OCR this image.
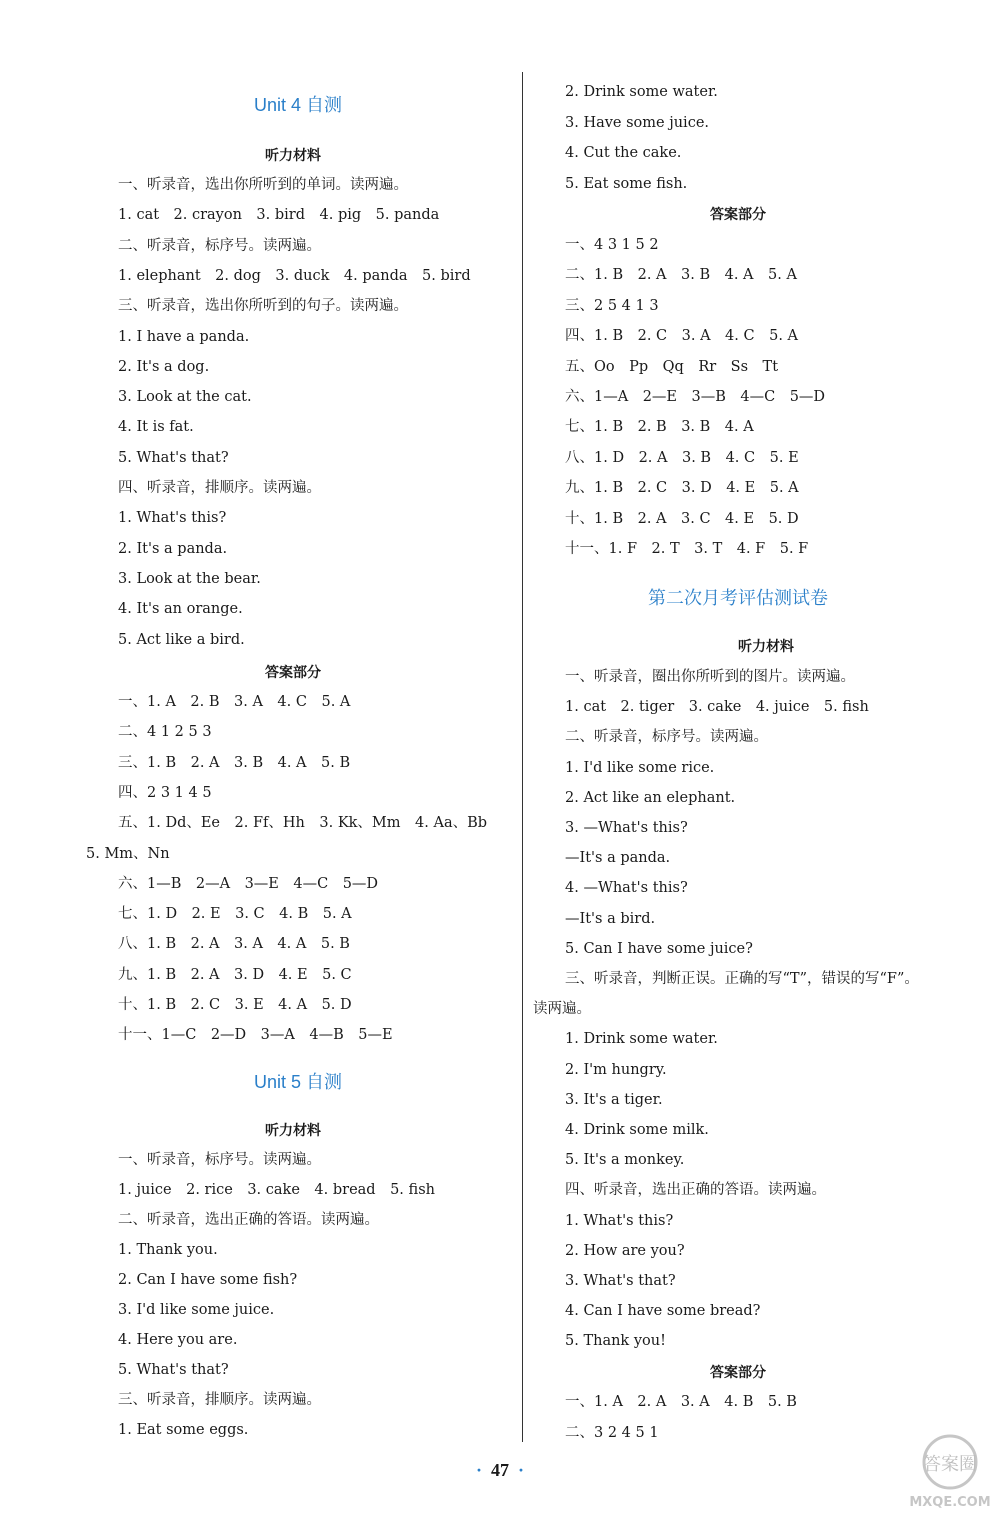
Unit 4 自测
听力材料
一、听录音，选出你所听到的单词。读两遍。
1. cat　2. crayon　3. bird　4. pig　5. panda
二、听录音，标序号。读两遍。
1. elephant　2. dog　3. duck　4. panda　5. bird
三、听录音，选出你所听到的句子。读两遍。
1. I have a panda.
2. It's a dog.
3. Look at the cat.
4. It is fat.
5. What's that?
四、听录音，排顺序。读两遍。
1. What's this?
2. It's a panda.
3. Look at the bear.
4. It's an orange.
5. Act like a bird.
答案部分
一、1. A　2. B　3. A　4. C　5. A
二、4 1 2 5 3
三、1. B　2. A　3. B　4. A　5. B
四、2 3 1 4 5
五、1. Dd、Ee　2. Ff、Hh　3. Kk、Mm　4. Aa、Bb
5. Mm、Nn
六、1—B　2—A　3—E　4—C　5—D
七、1. D　2. E　3. C　4. B　5. A
八、1. B　2. A　3. A　4. A　5. B
九、1. B　2. A　3. D　4. E　5. C
十、1. B　2. C　3. E　4. A　5. D
十一、1—C　2—D　3—A　4—B　5—E
Unit 5 自测
听力材料
一、听录音，标序号。读两遍。
1. juice　2. rice　3. cake　4. bread　5. fish
二、听录音，选出正确的答语。读两遍。
1. Thank you.
2. Can I have some fish?
3. I'd like some juice.
4. Here you are.
5. What's that?
三、听录音，排顺序。读两遍。
1. Eat some eggs.
2. Drink some water.
3. Have some juice.
4. Cut the cake.
5. Eat some fish.
答案部分
一、4 3 1 5 2
二、1. B　2. A　3. B　4. A　5. A
三、2 5 4 1 3
四、1. B　2. C　3. A　4. C　5. A
五、Oo　Pp　Qq　Rr　Ss　Tt
六、1—A　2—E　3—B　4—C　5—D
七、1. B　2. B　3. B　4. A
八、1. D　2. A　3. B　4. C　5. E
九、1. B　2. C　3. D　4. E　5. A
十、1. B　2. A　3. C　4. E　5. D
十一、1. F　2. T　3. T　4. F　5. F
第二次月考评估测试卷
听力材料
一、听录音，圈出你所听到的图片。读两遍。
1. cat　2. tiger　3. cake　4. juice　5. fish
二、听录音，标序号。读两遍。
1. I'd like some rice.
2. Act like an elephant.
3. —What's this?
—It's a panda.
4. —What's this?
—It's a bird.
5. Can I have some juice?
三、听录音，判断正误。正确的写“T”，错误的写“F”。
读两遍。
1. Drink some water.
2. I'm hungry.
3. It's a tiger.
4. Drink some milk.
5. It's a monkey.
四、听录音，选出正确的答语。读两遍。
1. What's this?
2. How are you?
3. What's that?
4. Can I have some bread?
5. Thank you!
答案部分
一、1. A　2. A　3. A　4. B　5. B
二、3 2 4 5 1
· 47 ·	答案圈
MXQE.COM
